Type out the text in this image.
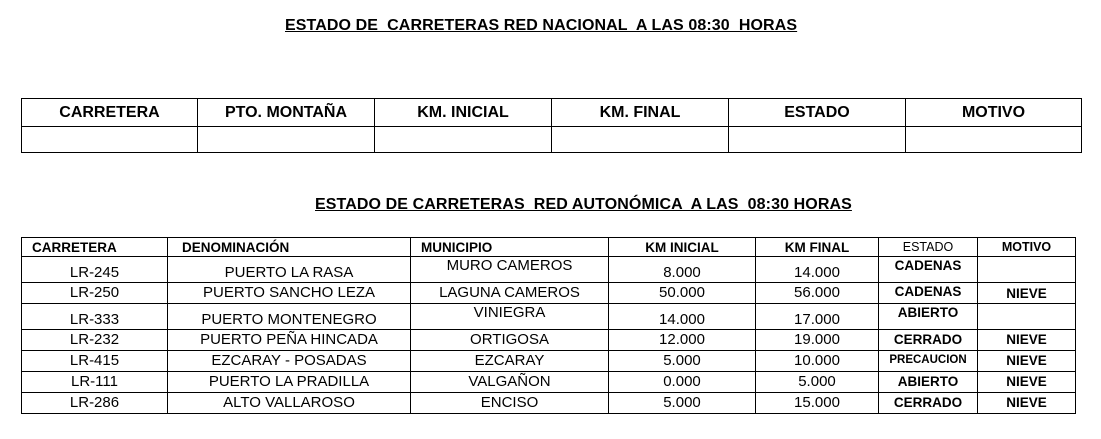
ESTADO DE  CARRETERAS RED NACIONAL  A LAS 08:30  HORAS
CARRETERA	PTO. MONTAÑA	KM. INICIAL	KM. FINAL	ESTADO	MOTIVO

ESTADO DE CARRETERAS  RED AUTONÓMICA  A LAS  08:30 HORAS
CARRETERA	DENOMINACIÓN	MUNICIPIO	KM INICIAL	KM FINAL	ESTADO	MOTIVO
LR-245	PUERTO LA RASA	MURO CAMEROS	8.000	14.000	CADENAS	
LR-250	PUERTO SANCHO LEZA	LAGUNA CAMEROS	50.000	56.000	CADENAS	NIEVE
LR-333	PUERTO MONTENEGRO	VINIEGRA	14.000	17.000	ABIERTO	
LR-232	PUERTO PEÑA HINCADA	ORTIGOSA	12.000	19.000	CERRADO	NIEVE
LR-415	EZCARAY - POSADAS	EZCARAY	5.000	10.000	PRECAUCION	NIEVE
LR-111	PUERTO LA PRADILLA	VALGAÑON	0.000	5.000	ABIERTO	NIEVE
LR-286	ALTO VALLAROSO	ENCISO	5.000	15.000	CERRADO	NIEVE
